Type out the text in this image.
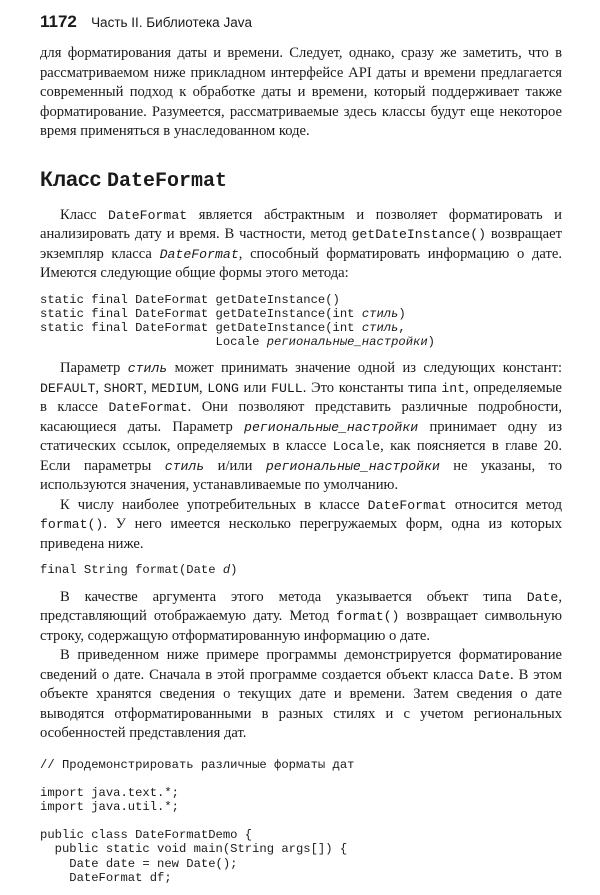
1172 Часть II. Библиотека Java

для форматирования даты и времени. Следует, однако, сразу же заметить, что в рассматриваемом ниже прикладном интерфейсе API даты и времени предлагается современный подход к обработке даты и времени, который поддерживает также форматирование. Разумеется, рассматриваемые здесь классы будут еще некоторое время применяться в унаследованном коде.

Класс DateFormat

Класс DateFormat является абстрактным и позволяет форматировать и анализировать дату и время. В частности, метод getDateInstance() возвращает экземпляр класса DateFormat, способный форматировать информацию о дате. Имеются следующие общие формы этого метода:

static final DateFormat getDateInstance()
static final DateFormat getDateInstance(int стиль)
static final DateFormat getDateInstance(int стиль,
Locale региональные_настройки)

Параметр стиль может принимать значение одной из следующих констант: DEFAULT, SHORT, MEDIUM, LONG или FULL. Это константы типа int, определяемые в классе DateFormat. Они позволяют представить различные подробности, касающиеся даты. Параметр региональные_настройки принимает одну из статических ссылок, определяемых в классе Locale, как поясняется в главе 20. Если параметры стиль и/или региональные_настройки не указаны, то используются значения, устанавливаемые по умолчанию.

К числу наиболее употребительных в классе DateFormat относится метод format(). У него имеется несколько перегружаемых форм, одна из которых приведена ниже.

final String format(Date d)

В качестве аргумента этого метода указывается объект типа Date, представляющий отображаемую дату. Метод format() возвращает символьную строку, содержащую отформатированную информацию о дате.

В приведенном ниже примере программы демонстрируется форматирование сведений о дате. Сначала в этой программе создается объект класса Date. В этом объекте хранятся сведения о текущих дате и времени. Затем сведения о дате выводятся отформатированными в разных стилях и с учетом региональных особенностей представления дат.

// Продемонстрировать различные форматы дат

import java.text.*;
import java.util.*;

public class DateFormatDemo {
public static void main(String args[]) {
Date date = new Date();
DateFormat df;
